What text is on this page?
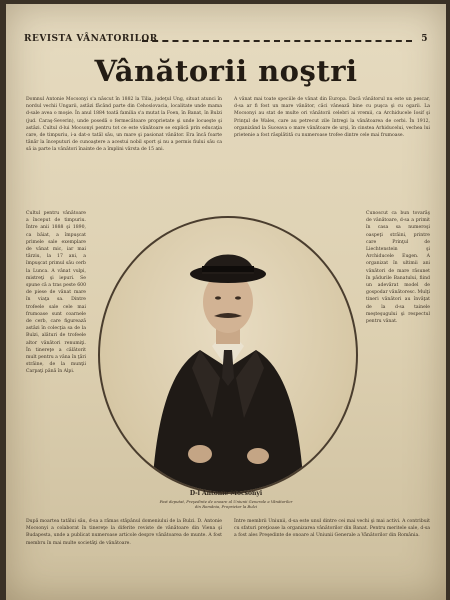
REVISTA VÂNATORILOR	5
Vânătorii noştri
Domnul Antonie Mocsonyi s'a născut în 1882 la Tilia, judeţul Ung, situat atunci în nordul vechii Ungarii, astăzi făcând parte din Cehoslovacia, localitate unde mama d-sale avea o moşie. În anul 1884 toată familia s'a mutat la Foen, în Banat, în Bulzi (jud. Caraş-Severin), unde posedă o fermecătoare proprietate şi unde locueşte şi astăzi. Cultul d-lui Mocsonyi pentru tot ce este vânătoare se explică prin educaţia care, de timpuriu, i-a dat-o tatăl său, un mare şi pasionat vânător. Era încă foarte tânăr la începuturi de cunoaştere a acestui nobil sport şi nu a permis fiului său ca să ia parte la vânători înainte de a împlini vârsta de 15 ani.
A vânat mai toate speciile de vânat din Europa. Dacă vânătorul nu este un pescar, d-sa ar fi fost un mare vânător, căci vânează bine cu puşca şi cu ogarii. La Mocsonyi au stat de multe ori vânătorii celebri ai vremii, ca Archiducele Iosif şi Prinţul de Wales, care au petrecut zile întregi la vânătoarea de cerbi. În 1912, organizând la Suceava o mare vânătoare de urşi, în cinstea Arhiducelui, vechea lui prietenie a fost răsplătită cu numeroase trofee dintre cele mai frumoase.
Cultul pentru vânătoare a început de timpuriu. Între anii 1888 şi 1890, ca băiat, a împuşcat primele sale exemplare de vânat mic, iar mai târziu, la 17 ani, a împuşcat primul său cerb la Lunca. A vânat vulpi, mistreţi şi iepuri. Se spune că a tras peste 600 de piese de vânat mare în viaţa sa. Dintre trofeele sale cele mai frumoase sunt coarnele de cerb, care figurează astăzi în colecţia sa de la Bulzi, alături de trofeele altor vânători renumiţi. În tinereţe a călătorit mult pentru a vâna în ţări străine, de la munţii Carpaţi până în Alpi.
Cunoscut ca bun tovarăş de vânătoare, d-sa a primit în casa sa numeroşi oaspeţi străini, printre care Prinţul de Liechtenstein şi Archiducele Eugen. A organizat în ultimii ani vânători de mare răsunet în pădurile Banatului, fiind un adevărat model de gospodar vânătoresc. Mulţi tineri vânători au învăţat de la d-sa tainele meşteşugului şi respectul pentru vânat.
D-l Antonie Mocsonyi
Fost deputat, Preşedinte de onoare al Uniunii Generale a Vânătorilor din România, Proprietar la Bulzi
După moartea tatălui său, d-sa a rămas stăpânul domeniului de la Bulzi. D. Antonie Mocsonyi a colaborat în tinereţe la diferite reviste de vânătoare din Viena şi Budapesta, unde a publicat numeroase articole despre vânătoarea de munte. A fost membru în mai multe societăţi de vânătoare.
Între membrii Uniunii, d-sa este unul dintre cei mai vechi şi mai activi. A contribuit cu sfaturi preţioase la organizarea vânătorilor din Banat. Pentru meritele sale, d-sa a fost ales Preşedinte de onoare al Uniunii Generale a Vânătorilor din România.
